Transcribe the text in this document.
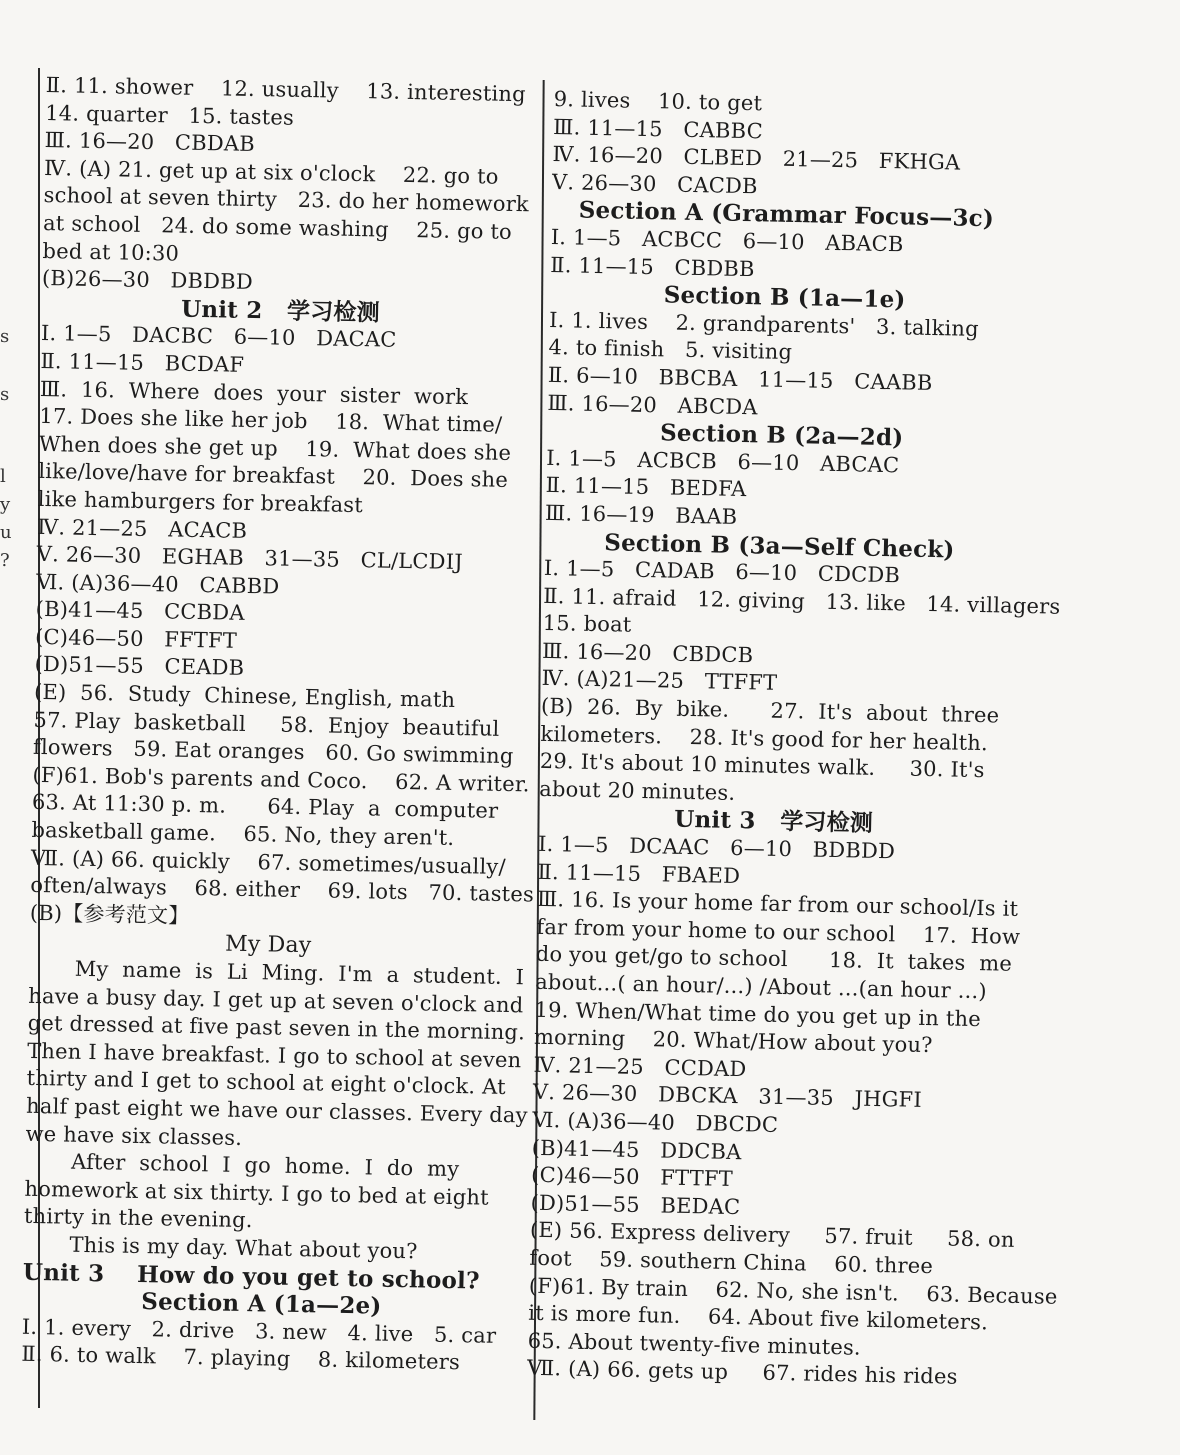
s
s
l
y
u
?
Ⅱ. 11. shower    12. usually    13. interesting
14. quarter   15. tastes
Ⅲ. 16—20   CBDAB
Ⅳ. (A) 21. get up at six o'clock    22. go to
school at seven thirty   23. do her homework
at school   24. do some washing    25. go to
bed at 10:30
(B)26—30   DBDBD
Unit 2   学习检测
Ⅰ. 1—5   DACBC   6—10   DACAC
Ⅱ. 11—15   BCDAF
Ⅲ.  16.  Where  does  your  sister  work
17. Does she like her job    18.  What time/
When does she get up    19.  What does she
like/love/have for breakfast    20.  Does she
like hamburgers for breakfast
Ⅳ. 21—25   ACACB
Ⅴ. 26—30   EGHAB   31—35   CL/LCDIJ
Ⅵ. (A)36—40   CABBD
(B)41—45   CCBDA
(C)46—50   FFTFT
(D)51—55   CEADB
(E)  56.  Study  Chinese, English, math
57. Play  basketball     58.  Enjoy  beautiful
flowers   59. Eat oranges   60. Go swimming
(F)61. Bob's parents and Coco.    62. A writer.
63. At 11:30 p. m.      64. Play  a  computer
basketball game.    65. No, they aren't.
Ⅶ. (A) 66. quickly    67. sometimes/usually/
often/always    68. either    69. lots   70. tastes
(B)【参考范文】
My Day
My  name  is  Li  Ming.  I'm  a  student.  I
have a busy day. I get up at seven o'clock and
get dressed at five past seven in the morning.
Then I have breakfast. I go to school at seven
thirty and I get to school at eight o'clock. At
half past eight we have our classes. Every day
we have six classes.
After  school  I  go  home.  I  do  my
homework at six thirty. I go to bed at eight
thirty in the evening.
This is my day. What about you?
Unit 3    How do you get to school?
Section A (1a—2e)
Ⅰ. 1. every   2. drive   3. new   4. live   5. car
Ⅱ. 6. to walk    7. playing    8. kilometers
9. lives    10. to get
Ⅲ. 11—15   CABBC
Ⅳ. 16—20   CLBED   21—25   FKHGA
Ⅴ. 26—30   CACDB
Section A (Grammar Focus—3c)
Ⅰ. 1—5   ACBCC   6—10   ABACB
Ⅱ. 11—15   CBDBB
Section B (1a—1e)
Ⅰ. 1. lives    2. grandparents'   3. talking
4. to finish   5. visiting
Ⅱ. 6—10   BBCBA   11—15   CAABB
Ⅲ. 16—20   ABCDA
Section B (2a—2d)
Ⅰ. 1—5   ACBCB   6—10   ABCAC
Ⅱ. 11—15   BEDFA
Ⅲ. 16—19   BAAB
Section B (3a—Self Check)
Ⅰ. 1—5   CADAB   6—10   CDCDB
Ⅱ. 11. afraid   12. giving   13. like   14. villagers
15. boat
Ⅲ. 16—20   CBDCB
Ⅳ. (A)21—25   TTFFT
(B)  26.  By  bike.      27.  It's  about  three
kilometers.    28. It's good for her health.
29. It's about 10 minutes walk.     30. It's
about 20 minutes.
Unit 3   学习检测
Ⅰ. 1—5   DCAAC   6—10   BDBDD
Ⅱ. 11—15   FBAED
Ⅲ. 16. Is your home far from our school/Is it
far from your home to our school    17.  How
do you get/go to school      18.  It  takes  me
about...( an hour/...) /About ...(an hour ...)
19. When/What time do you get up in the
morning    20. What/How about you?
Ⅳ. 21—25   CCDAD
Ⅴ. 26—30   DBCKA   31—35   JHGFI
Ⅵ. (A)36—40   DBCDC
(B)41—45   DDCBA
(C)46—50   FTTFT
(D)51—55   BEDAC
(E) 56. Express delivery     57. fruit     58. on
foot    59. southern China    60. three
(F)61. By train    62. No, she isn't.    63. Because
it is more fun.    64. About five kilometers.
65. About twenty-five minutes.
Ⅶ. (A) 66. gets up     67. rides his rides
